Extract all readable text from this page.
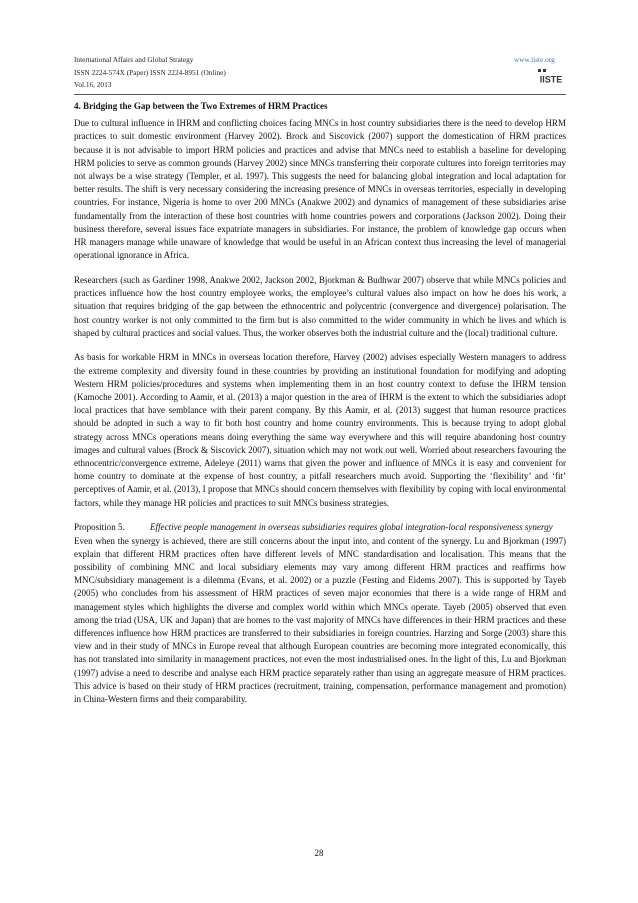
International Affairs and Global Strategy
ISSN 2224-574X (Paper) ISSN 2224-8951 (Online)
Vol.16, 2013
www.iiste.org
IISTE
4. Bridging the Gap between the Two Extremes of HRM Practices

Due to cultural influence in IHRM and conflicting choices facing MNCs in host country subsidiaries there is the need to develop HRM practices to suit domestic environment (Harvey 2002). Brock and Siscovick (2007) support the domestication of HRM practices because it is not advisable to import HRM policies and practices and advise that MNCs need to establish a baseline for developing HRM policies to serve as common grounds (Harvey 2002) since MNCs transferring their corporate cultures into foreign territories may not always be a wise strategy (Templer, et al. 1997). This suggests the need for balancing global integration and local adaptation for better results. The shift is very necessary considering the increasing presence of MNCs in overseas territories, especially in developing countries. For instance, Nigeria is home to over 200 MNCs (Anakwe 2002) and dynamics of management of these subsidiaries arise fundamentally from the interaction of these host countries with home countries powers and corporations (Jackson 2002). Doing their business therefore, several issues face expatriate managers in subsidiaries. For instance, the problem of knowledge gap occurs when HR managers manage while unaware of knowledge that would be useful in an African context thus increasing the level of managerial operational ignorance in Africa.

Researchers (such as Gardiner 1998, Anakwe 2002, Jackson 2002, Bjorkman & Budhwar 2007) observe that while MNCs policies and practices influence how the host country employee works, the employee’s cultural values also impact on how he does his work, a situation that requires bridging of the gap between the ethnocentric and polycentric (convergence and divergence) polarisation. The host country worker is not only committed to the firm but is also committed to the wider community in which he lives and which is shaped by cultural practices and social values. Thus, the worker observes both the industrial culture and the (local) traditional culture.

As basis for workable HRM in MNCs in overseas location therefore, Harvey (2002) advises especially Western managers to address the extreme complexity and diversity found in these countries by providing an institutional foundation for modifying and adopting Western HRM policies/procedures and systems when implementing them in an host country context to defuse the IHRM tension (Kamoche 2001). According to Aamir, et al. (2013) a major question in the area of IHRM is the extent to which the subsidiaries adopt local practices that have semblance with their parent company. By this Aamir, et al. (2013) suggest that human resource practices should be adopted in such a way to fit both host country and home country environments. This is because trying to adopt global strategy across MNCs operations means doing everything the same way everywhere and this will require abandoning host country images and cultural values (Brock & Siscovick 2007), situation which may not work out well. Worried about researchers favouring the ethnocentric/convergence extreme, Adeleye (2011) warns that given the power and influence of MNCs it is easy and convenient for home country to dominate at the expense of host country, a pitfall researchers much avoid. Supporting the ‘flexibility’ and ‘fit’ perceptives of Aamir, et al. (2013), I propose that MNCs should concern themselves with flexibility by coping with local environmental factors, while they manage HR policies and practices to suit MNCs business strategies.

Proposition 5.	Effective people management in overseas subsidiaries requires global integration-local responsiveness synergy

Even when the synergy is achieved, there are still concerns about the input into, and content of the synergy. Lu and Bjorkman (1997) explain that different HRM practices often have different levels of MNC standardisation and localisation. This means that the possibility of combining MNC and local subsidiary elements may vary among different HRM practices and reaffirms how MNC/subsidiary management is a dilemma (Evans, et al. 2002) or a puzzle (Festing and Eidems 2007). This is supported by Tayeb (2005) who concludes from his assessment of HRM practices of seven major economies that there is a wide range of HRM and management styles which highlights the diverse and complex world within which MNCs operate. Tayeb (2005) observed that even among the triad (USA, UK and Japan) that are homes to the vast majority of MNCs have differences in their HRM practices and these differences influence how HRM practices are transferred to their subsidiaries in foreign countries. Harzing and Sorge (2003) share this view and in their study of MNCs in Europe reveal that although European countries are becoming more integrated economically, this has not translated into similarity in management practices, not even the most industrialised ones. In the light of this, Lu and Bjorkman (1997) advise a need to describe and analyse each HRM practice separately rather than using an aggregate measure of HRM practices. This advice is based on their study of HRM practices (recruitment, training, compensation, performance management and promotion) in China-Western firms and their comparability.

28
